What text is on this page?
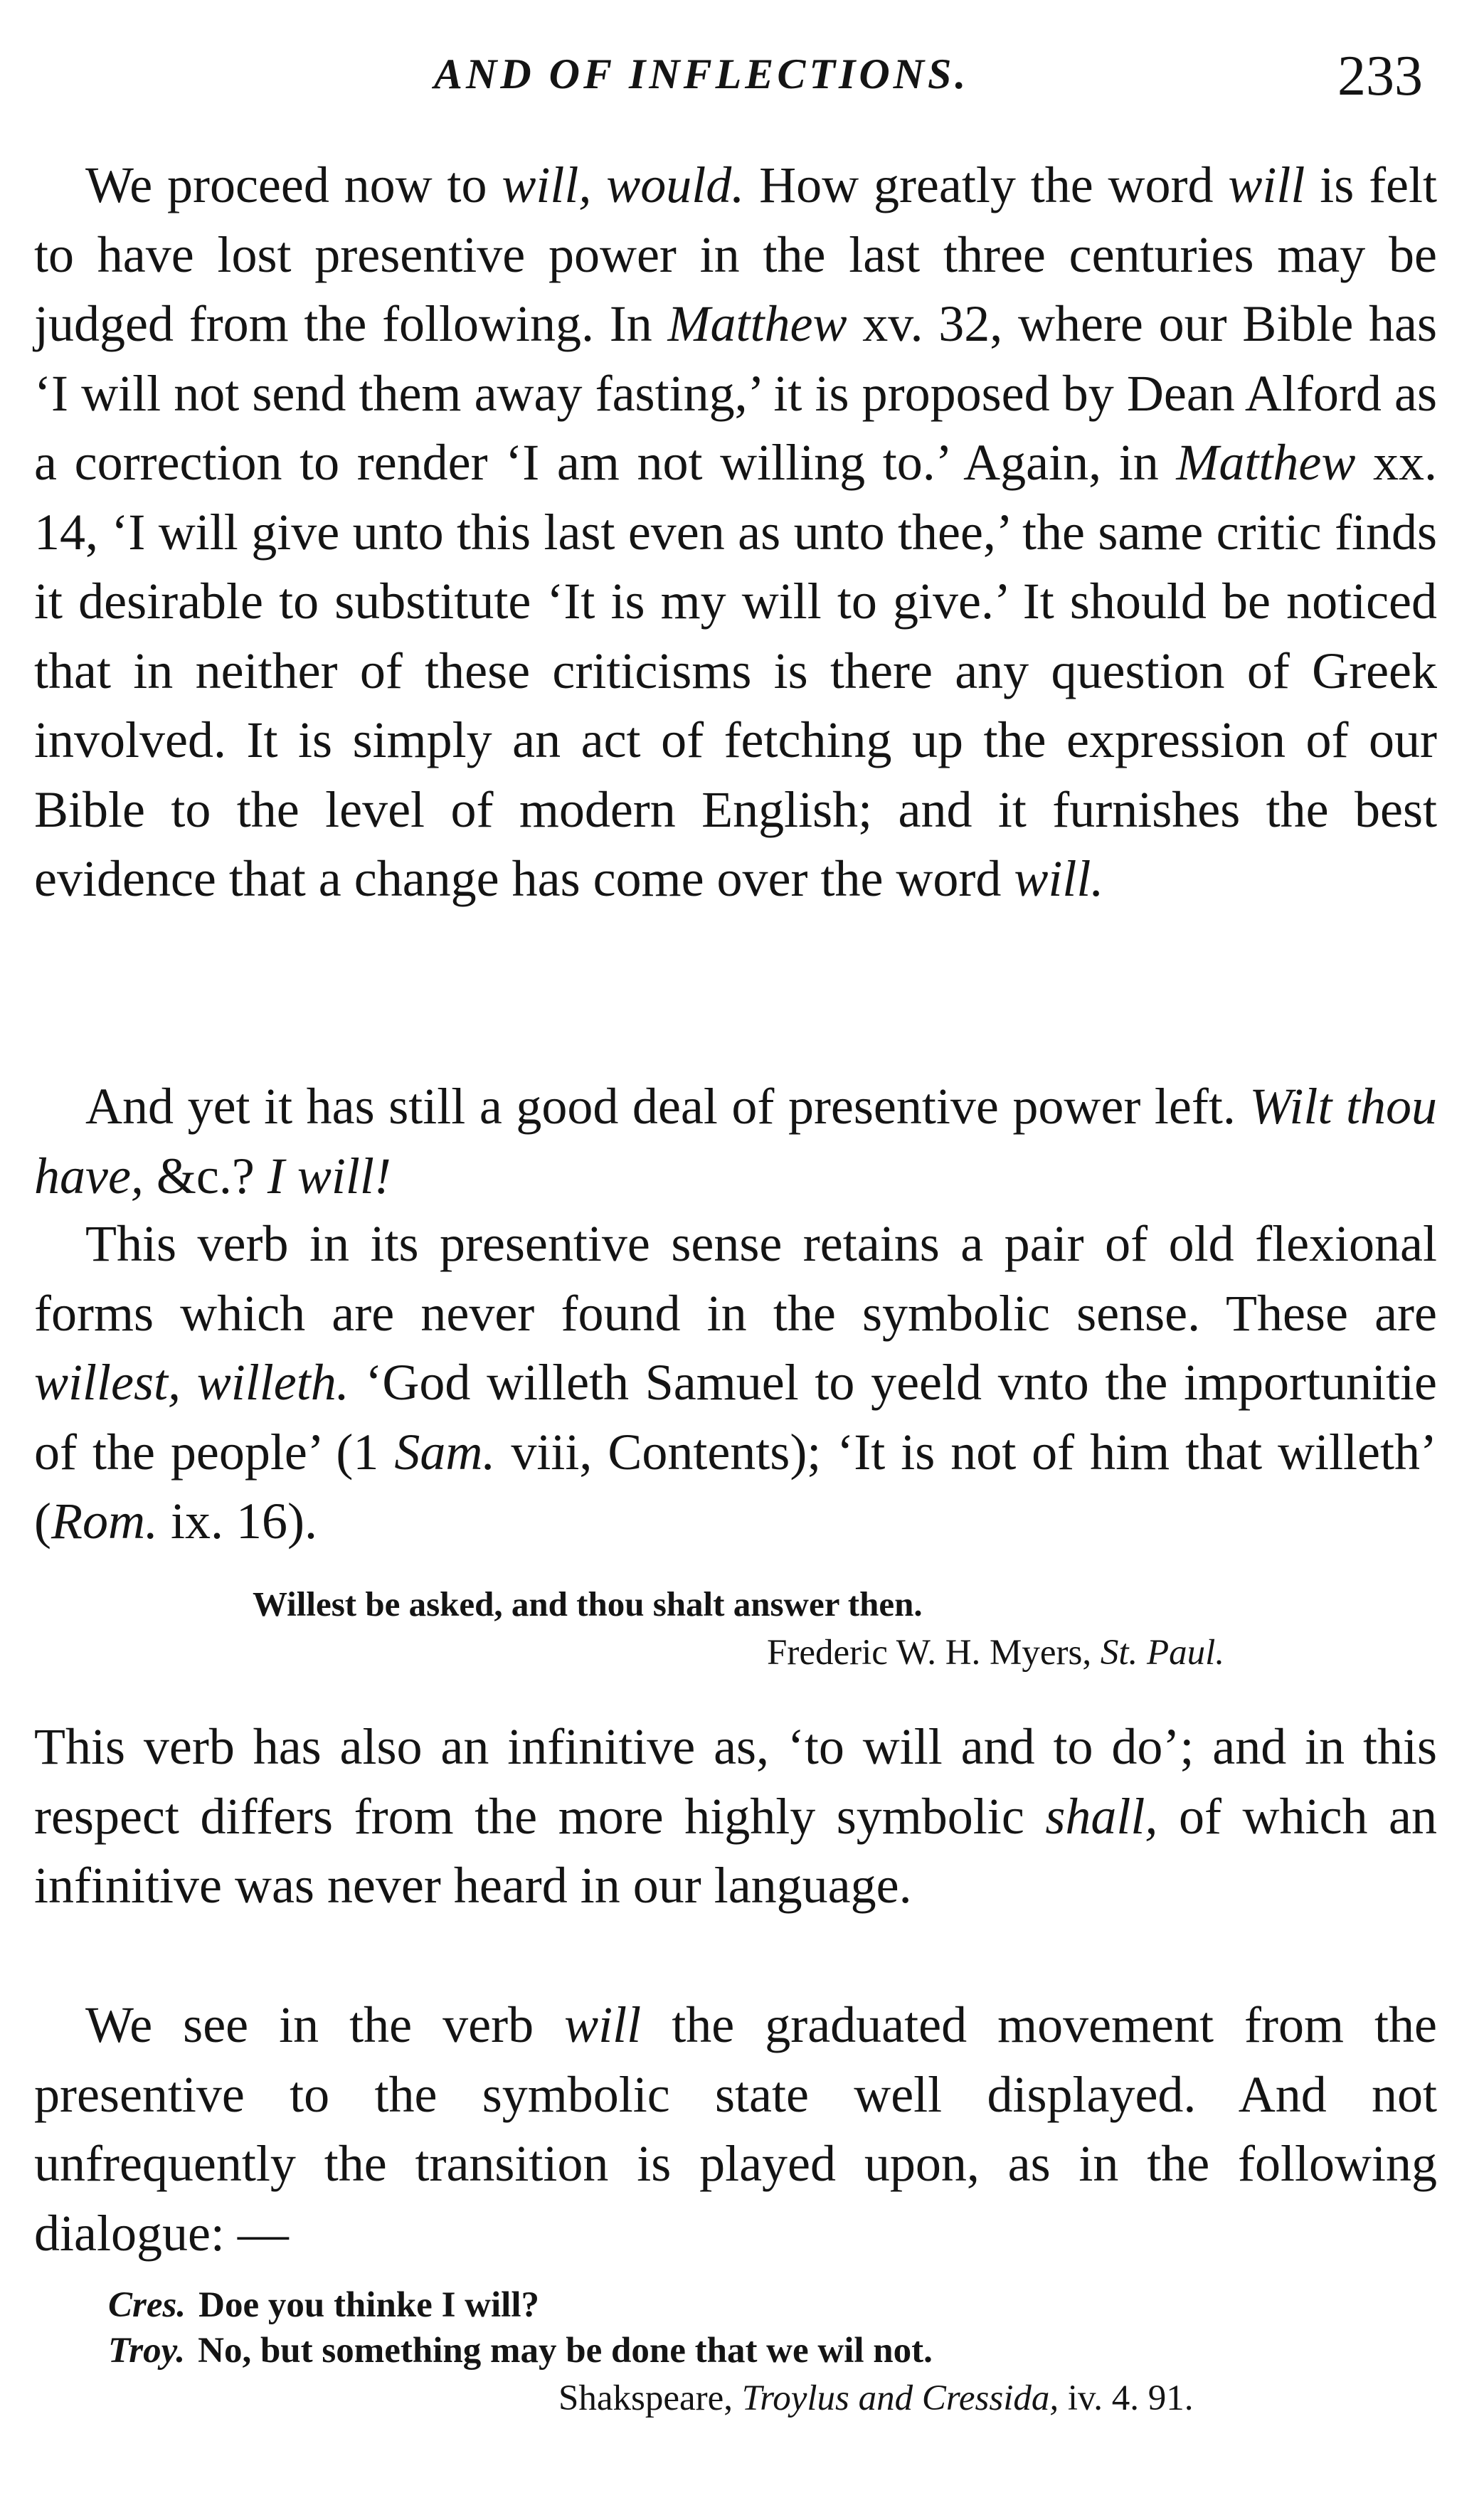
AND OF INFLECTIONS.	233

We proceed now to will, would. How greatly the word will is felt to have lost presentive power in the last three centuries may be judged from the following. In Matthew xv. 32, where our Bible has ‘I will not send them away fasting,’ it is proposed by Dean Alford as a correction to render ‘I am not willing to.’ Again, in Matthew xx. 14, ‘I will give unto this last even as unto thee,’ the same critic finds it desirable to substitute ‘It is my will to give.’ It should be noticed that in neither of these criticisms is there any question of Greek involved. It is simply an act of fetching up the expression of our Bible to the level of modern English; and it furnishes the best evidence that a change has come over the word will.

And yet it has still a good deal of presentive power left. Wilt thou have, &c.? I will!

This verb in its presentive sense retains a pair of old flexional forms which are never found in the symbolic sense. These are willest, willeth. ‘God willeth Samuel to yeeld vnto the importunitie of the people’ (1 Sam. viii, Contents); ‘It is not of him that willeth’ (Rom. ix. 16).

Willest be asked, and thou shalt answer then.

Frederic W. H. Myers, St. Paul.

This verb has also an infinitive as, ‘to will and to do’; and in this respect differs from the more highly symbolic shall, of which an infinitive was never heard in our language.

We see in the verb will the graduated movement from the presentive to the symbolic state well displayed. And not unfrequently the transition is played upon, as in the following dialogue: —

Cres. Doe you thinke I will?

Troy. No, but something may be done that we wil not.

Shakspeare, Troylus and Cressida, iv. 4. 91.
